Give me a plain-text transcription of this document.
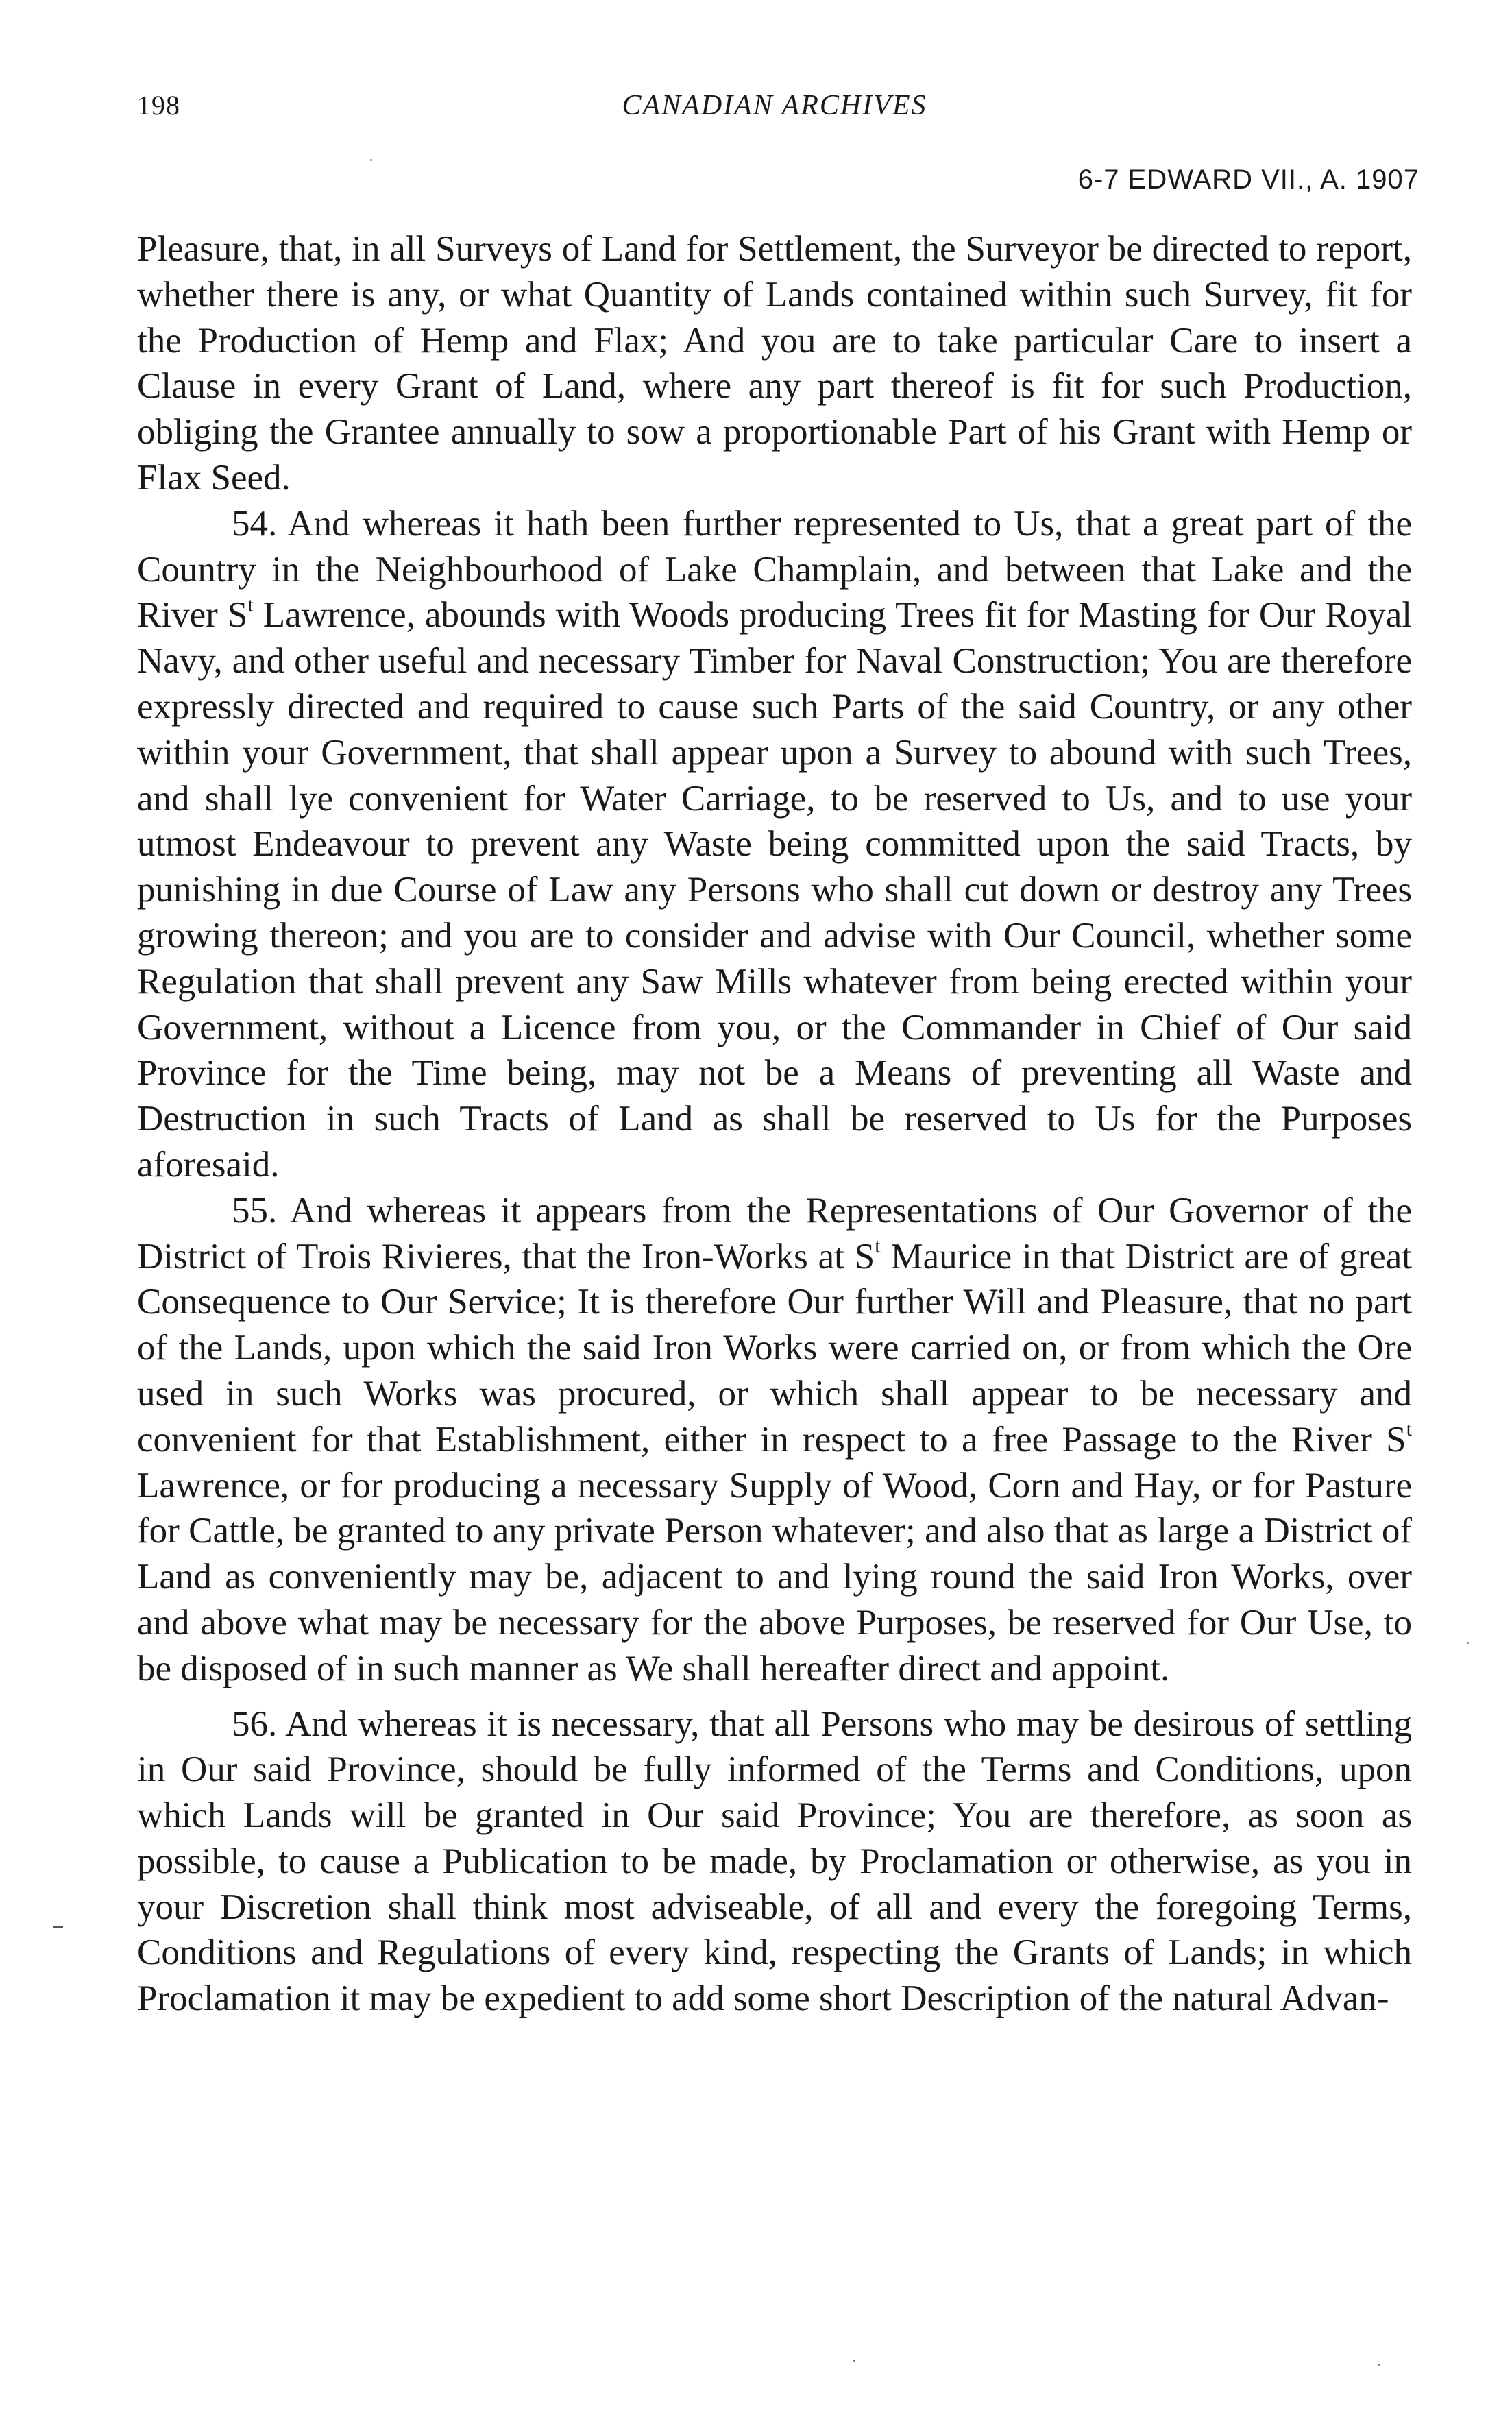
198	CANADIAN ARCHIVES
6-7 EDWARD VII., A. 1907

Pleasure, that, in all Surveys of Land for Settlement, the Surveyor be directed to report, whether there is any, or what Quantity of Lands contained within such Survey, fit for the Production of Hemp and Flax; And you are to take particular Care to insert a Clause in every Grant of Land, where any part thereof is fit for such Production, obliging the Grantee annually to sow a proportionable Part of his Grant with Hemp or Flax Seed.

54. And whereas it hath been further represented to Us, that a great part of the Country in the Neighbourhood of Lake Champlain, and between that Lake and the River $S^t$ Lawrence, abounds with Woods producing Trees fit for Masting for Our Royal Navy, and other useful and necessary Timber for Naval Construction; You are therefore expressly directed and required to cause such Parts of the said Country, or any other within your Government, that shall appear upon a Survey to abound with such Trees, and shall lye convenient for Water Carriage, to be reserved to Us, and to use your utmost Endeavour to prevent any Waste being committed upon the said Tracts, by punishing in due Course of Law any Persons who shall cut down or destroy any Trees growing thereon; and you are to consider and advise with Our Council, whether some Regulation that shall prevent any Saw Mills whatever from being erected within your Government, without a Licence from you, or the Commander in Chief of Our said Province for the Time being, may not be a Means of preventing all Waste and Destruction in such Tracts of Land as shall be reserved to Us for the Purposes aforesaid.

55. And whereas it appears from the Representations of Our Governor of the District of Trois Rivieres, that the Iron-Works at $S^t$ Maurice in that District are of great Consequence to Our Service; It is therefore Our further Will and Pleasure, that no part of the Lands, upon which the said Iron Works were carried on, or from which the Ore used in such Works was procured, or which shall appear to be necessary and convenient for that Establishment, either in respect to a free Passage to the River $S^t$ Lawrence, or for producing a necessary Supply of Wood, Corn and Hay, or for Pasture for Cattle, be granted to any private Person whatever; and also that as large a District of Land as conveniently may be, adjacent to and lying round the said Iron Works, over and above what may be necessary for the above Purposes, be reserved for Our Use, to be disposed of in such manner as We shall hereafter direct and appoint.

56. And whereas it is necessary, that all Persons who may be desirous of settling in Our said Province, should be fully informed of the Terms and Conditions, upon which Lands will be granted in Our said Province; You are therefore, as soon as possible, to cause a Publication to be made, by Proclamation or otherwise, as you in your Discretion shall think most adviseable, of all and every the foregoing Terms, Conditions and Regulations of every kind, respecting the Grants of Lands; in which Proclamation it may be expedient to add some short Description of the natural Advan-
